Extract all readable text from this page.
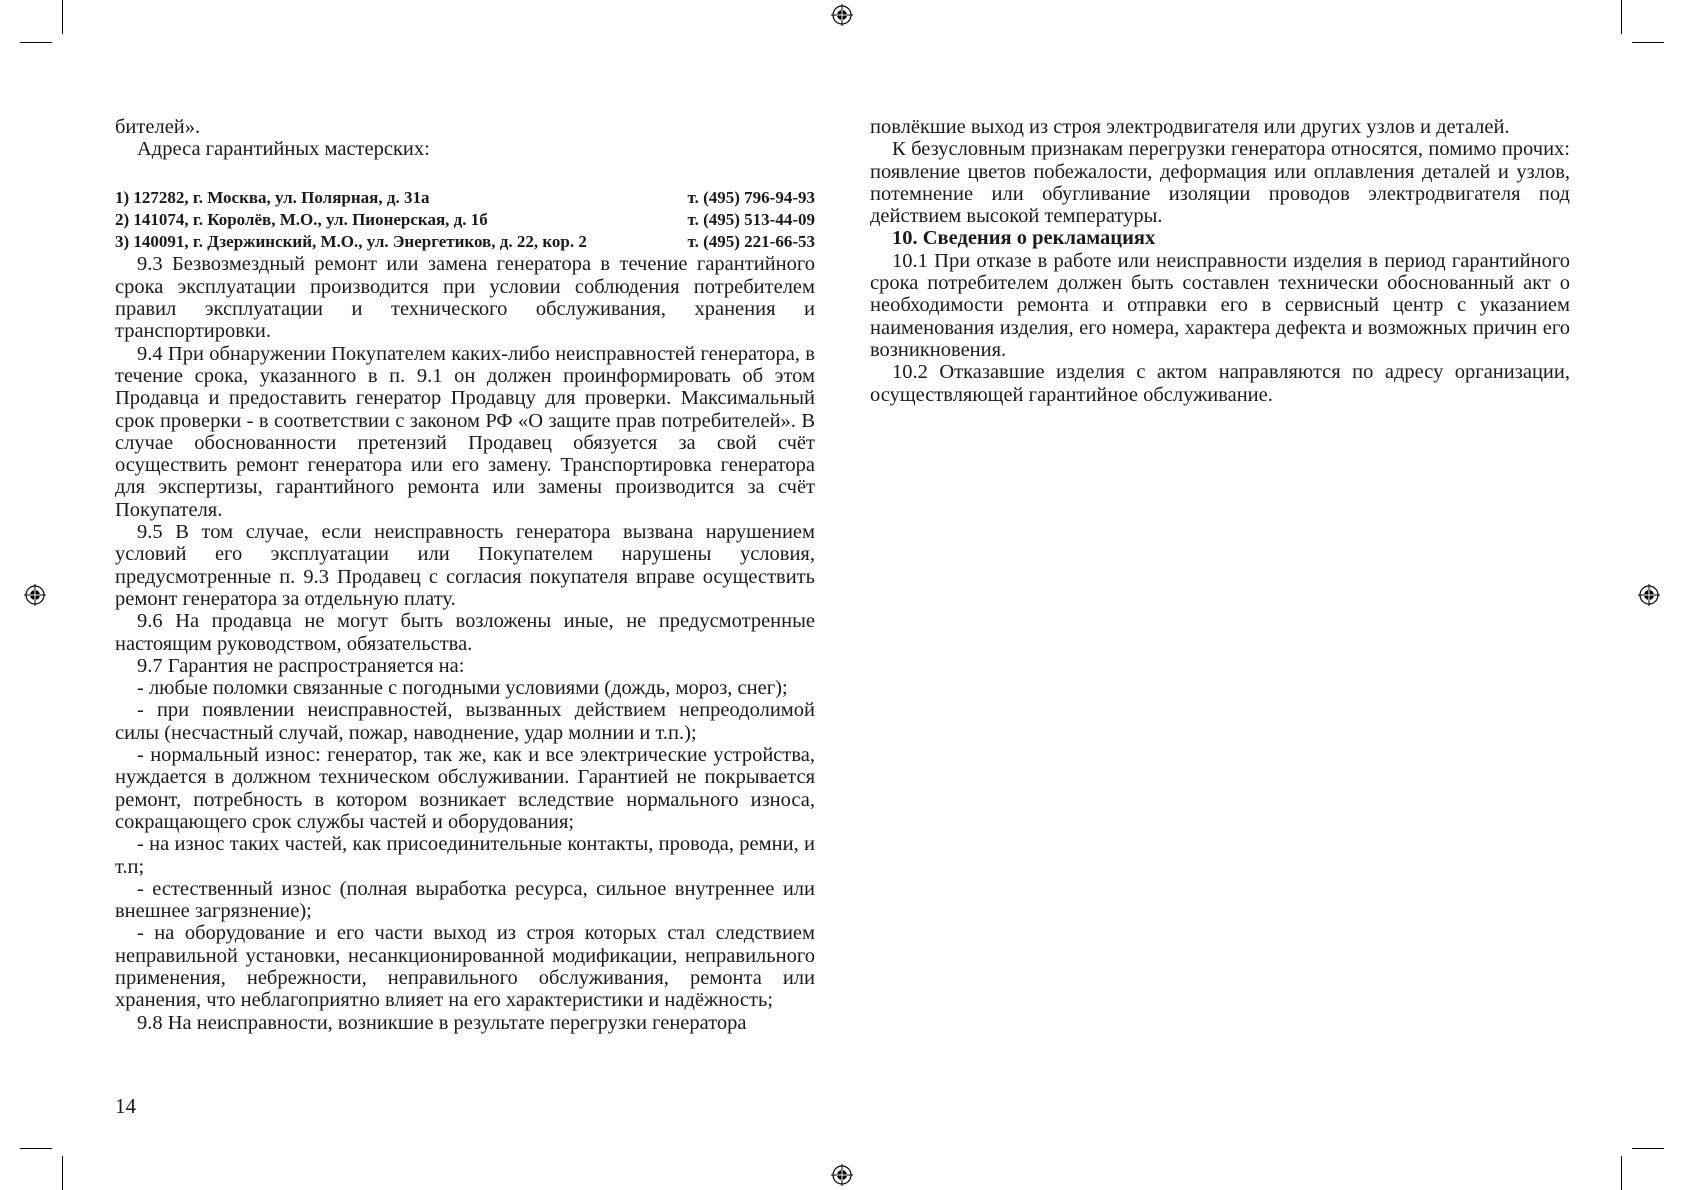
бителей».

Адреса гарантийных мастерских:

1) 127282, г. Москва, ул. Полярная, д. 31а	т. (495) 796-94-93
2) 141074, г. Королёв, М.О., ул. Пионерская, д. 1б	т. (495) 513-44-09
3) 140091, г. Дзержинский, М.О., ул. Энергетиков, д. 22, кор. 2	т. (495) 221-66-53

9.3 Безвозмездный ремонт или замена генератора в течение гарантийного срока эксплуатации производится при условии соблюдения потребителем правил эксплуатации и технического обслуживания, хранения и транспортировки.

9.4 При обнаружении Покупателем каких-либо неисправностей генератора, в течение срока, указанного в п. 9.1 он должен проинформировать об этом Продавца и предоставить генератор Продавцу для проверки. Максимальный срок проверки - в соответствии с законом РФ «О защите прав потребителей». В случае обоснованности претензий Продавец обязуется за свой счёт осуществить ремонт генератора или его замену. Транспортировка генератора для экспертизы, гарантийного ремонта или замены производится за счёт Покупателя.

9.5 В том случае, если неисправность генератора вызвана нарушением условий его эксплуатации или Покупателем нарушены условия, предусмотренные п. 9.3 Продавец с согласия покупателя вправе осуществить ремонт генератора за отдельную плату.

9.6 На продавца не могут быть возложены иные, не предусмотренные настоящим руководством, обязательства.

9.7 Гарантия не распространяется на:

- любые поломки связанные с погодными условиями (дождь, мороз, снег);

- при появлении неисправностей, вызванных действием непреодолимой силы (несчастный случай, пожар, наводнение, удар молнии и т.п.);

- нормальный износ: генератор, так же, как и все электрические устройства, нуждается в должном техническом обслуживании. Гарантией не покрывается ремонт, потребность в котором возникает вследствие нормального износа, сокращающего срок службы частей и оборудования;

- на износ таких частей, как присоединительные контакты, провода, ремни, и т.п;

- естественный износ (полная выработка ресурса, сильное внутреннее или внешнее загрязнение);

- на оборудование и его части выход из строя которых стал следствием неправильной установки, несанкционированной модификации, неправильного применения, небрежности, неправильного обслуживания, ремонта или хранения, что неблагоприятно влияет на его характеристики и надёжность;

9.8 На неисправности, возникшие в результате перегрузки генератора

повлёкшие выход из строя электродвигателя или других узлов и деталей.

К безусловным признакам перегрузки генератора относятся, помимо прочих: появление цветов побежалости, деформация или оплавления деталей и узлов, потемнение или обугливание изоляции проводов электродвигателя под действием высокой температуры.

10. Сведения о рекламациях

10.1 При отказе в работе или неисправности изделия в период гарантийного срока потребителем должен быть составлен технически обоснованный акт о необходимости ремонта и отправки его в сервисный центр с указанием наименования изделия, его номера, характера дефекта и возможных причин его возникновения.

10.2 Отказавшие изделия с актом направляются по адресу организации, осуществляющей гарантийное обслуживание.

14
